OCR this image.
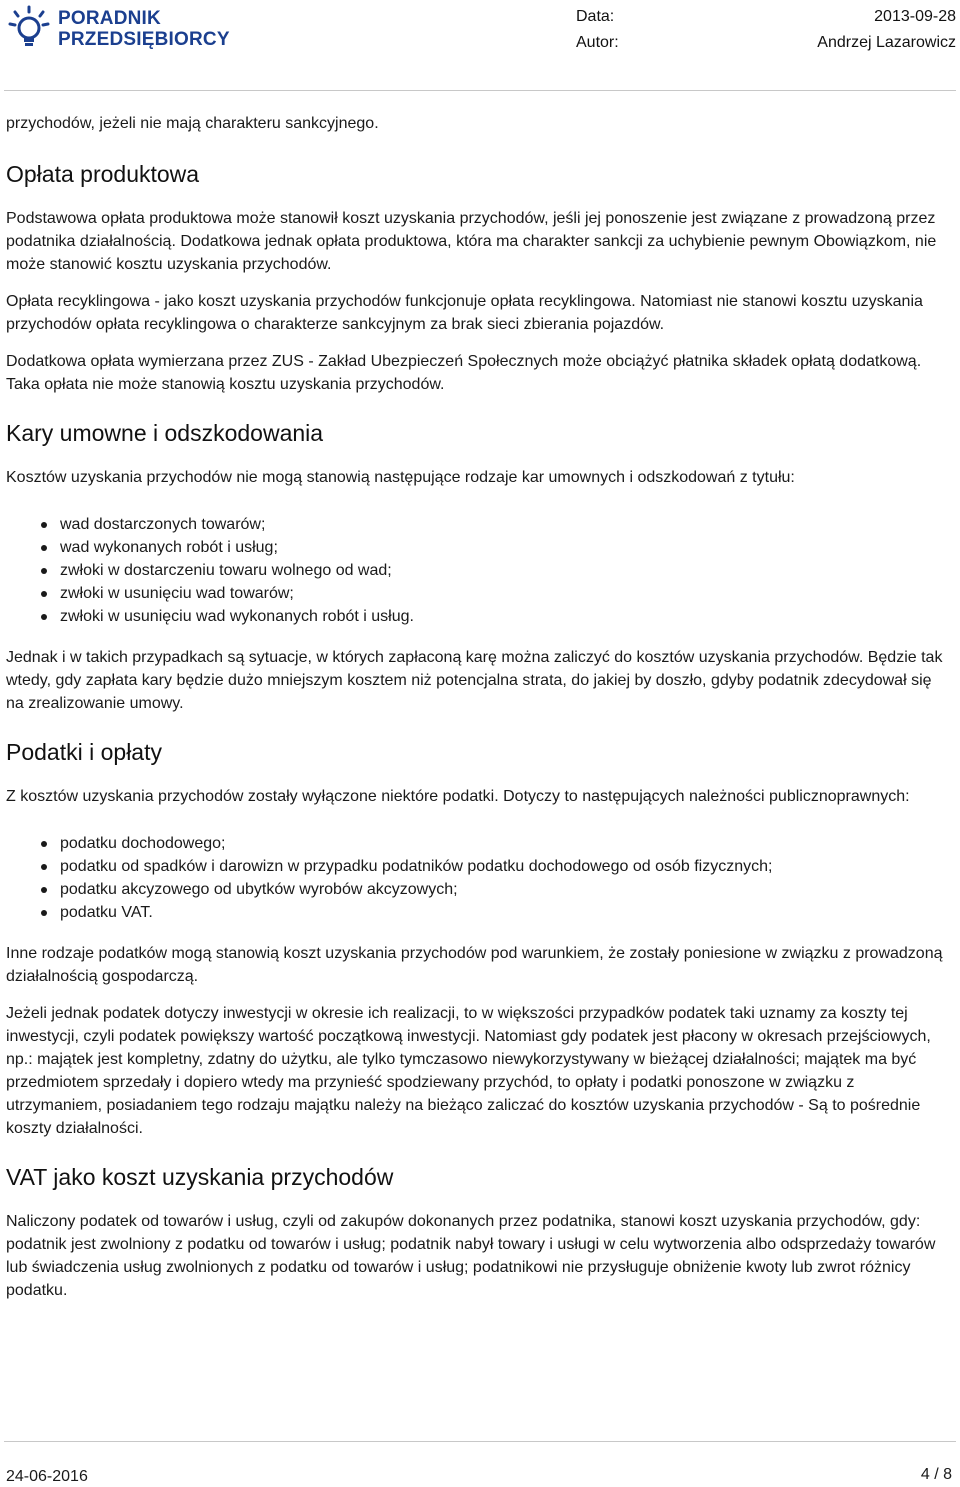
PORADNIK
PRZEDSIĘBIORCY
Data:	2013-09-28
Autor:	Andrzej Lazarowicz

przychodów, jeżeli nie mają charakteru sankcyjnego.

Opłata produktowa

Podstawowa opłata produktowa może stanowił koszt uzyskania przychodów, jeśli jej ponoszenie jest związane z prowadzoną przez podatnika działalnością. Dodatkowa jednak opłata produktowa, która ma charakter sankcji za uchybienie pewnym Obowiązkom, nie może stanowić kosztu uzyskania przychodów.

Opłata recyklingowa - jako koszt uzyskania przychodów funkcjonuje opłata recyklingowa. Natomiast nie stanowi kosztu uzyskania przychodów opłata recyklingowa o charakterze sankcyjnym za brak sieci zbierania pojazdów.

Dodatkowa opłata wymierzana przez ZUS - Zakład Ubezpieczeń Społecznych może obciążyć płatnika składek opłatą dodatkową. Taka opłata nie może stanowią kosztu uzyskania przychodów.

Kary umowne i odszkodowania

Kosztów uzyskania przychodów nie mogą stanowią następujące rodzaje kar umownych i odszkodowań z tytułu:

wad dostarczonych towarów;
wad wykonanych robót i usług;
zwłoki w dostarczeniu towaru wolnego od wad;
zwłoki w usunięciu wad towarów;
zwłoki w usunięciu wad wykonanych robót i usług.

Jednak i w takich przypadkach są sytuacje, w których zapłaconą karę można zaliczyć do kosztów uzyskania przychodów. Będzie tak wtedy, gdy zapłata kary będzie dużo mniejszym kosztem niż potencjalna strata, do jakiej by doszło, gdyby podatnik zdecydował się na zrealizowanie umowy.

Podatki i opłaty

Z kosztów uzyskania przychodów zostały wyłączone niektóre podatki. Dotyczy to następujących należności publicznoprawnych:

podatku dochodowego;
podatku od spadków i darowizn w przypadku podatników podatku dochodowego od osób fizycznych;
podatku akcyzowego od ubytków wyrobów akcyzowych;
podatku VAT.

Inne rodzaje podatków mogą stanowią koszt uzyskania przychodów pod warunkiem, że zostały poniesione w związku z prowadzoną działalnością gospodarczą.

Jeżeli jednak podatek dotyczy inwestycji w okresie ich realizacji, to w większości przypadków podatek taki uznamy za koszty tej inwestycji, czyli podatek powiększy wartość początkową inwestycji. Natomiast gdy podatek jest płacony w okresach przejściowych, np.: majątek jest kompletny, zdatny do użytku, ale tylko tymczasowo niewykorzystywany w bieżącej działalności; majątek ma być przedmiotem sprzedały i dopiero wtedy ma przynieść spodziewany przychód, to opłaty i podatki ponoszone w związku z utrzymaniem, posiadaniem tego rodzaju majątku należy na bieżąco zaliczać do kosztów uzyskania przychodów - Są to pośrednie koszty działalności.

VAT jako koszt uzyskania przychodów

Naliczony podatek od towarów i usług, czyli od zakupów dokonanych przez podatnika, stanowi koszt uzyskania przychodów, gdy: podatnik jest zwolniony z podatku od towarów i usług; podatnik nabył towary i usługi w celu wytworzenia albo odsprzedaży towarów lub świadczenia usług zwolnionych z podatku od towarów i usług; podatnikowi nie przysługuje obniżenie kwoty lub zwrot różnicy podatku.

24-06-2016	4 / 8
